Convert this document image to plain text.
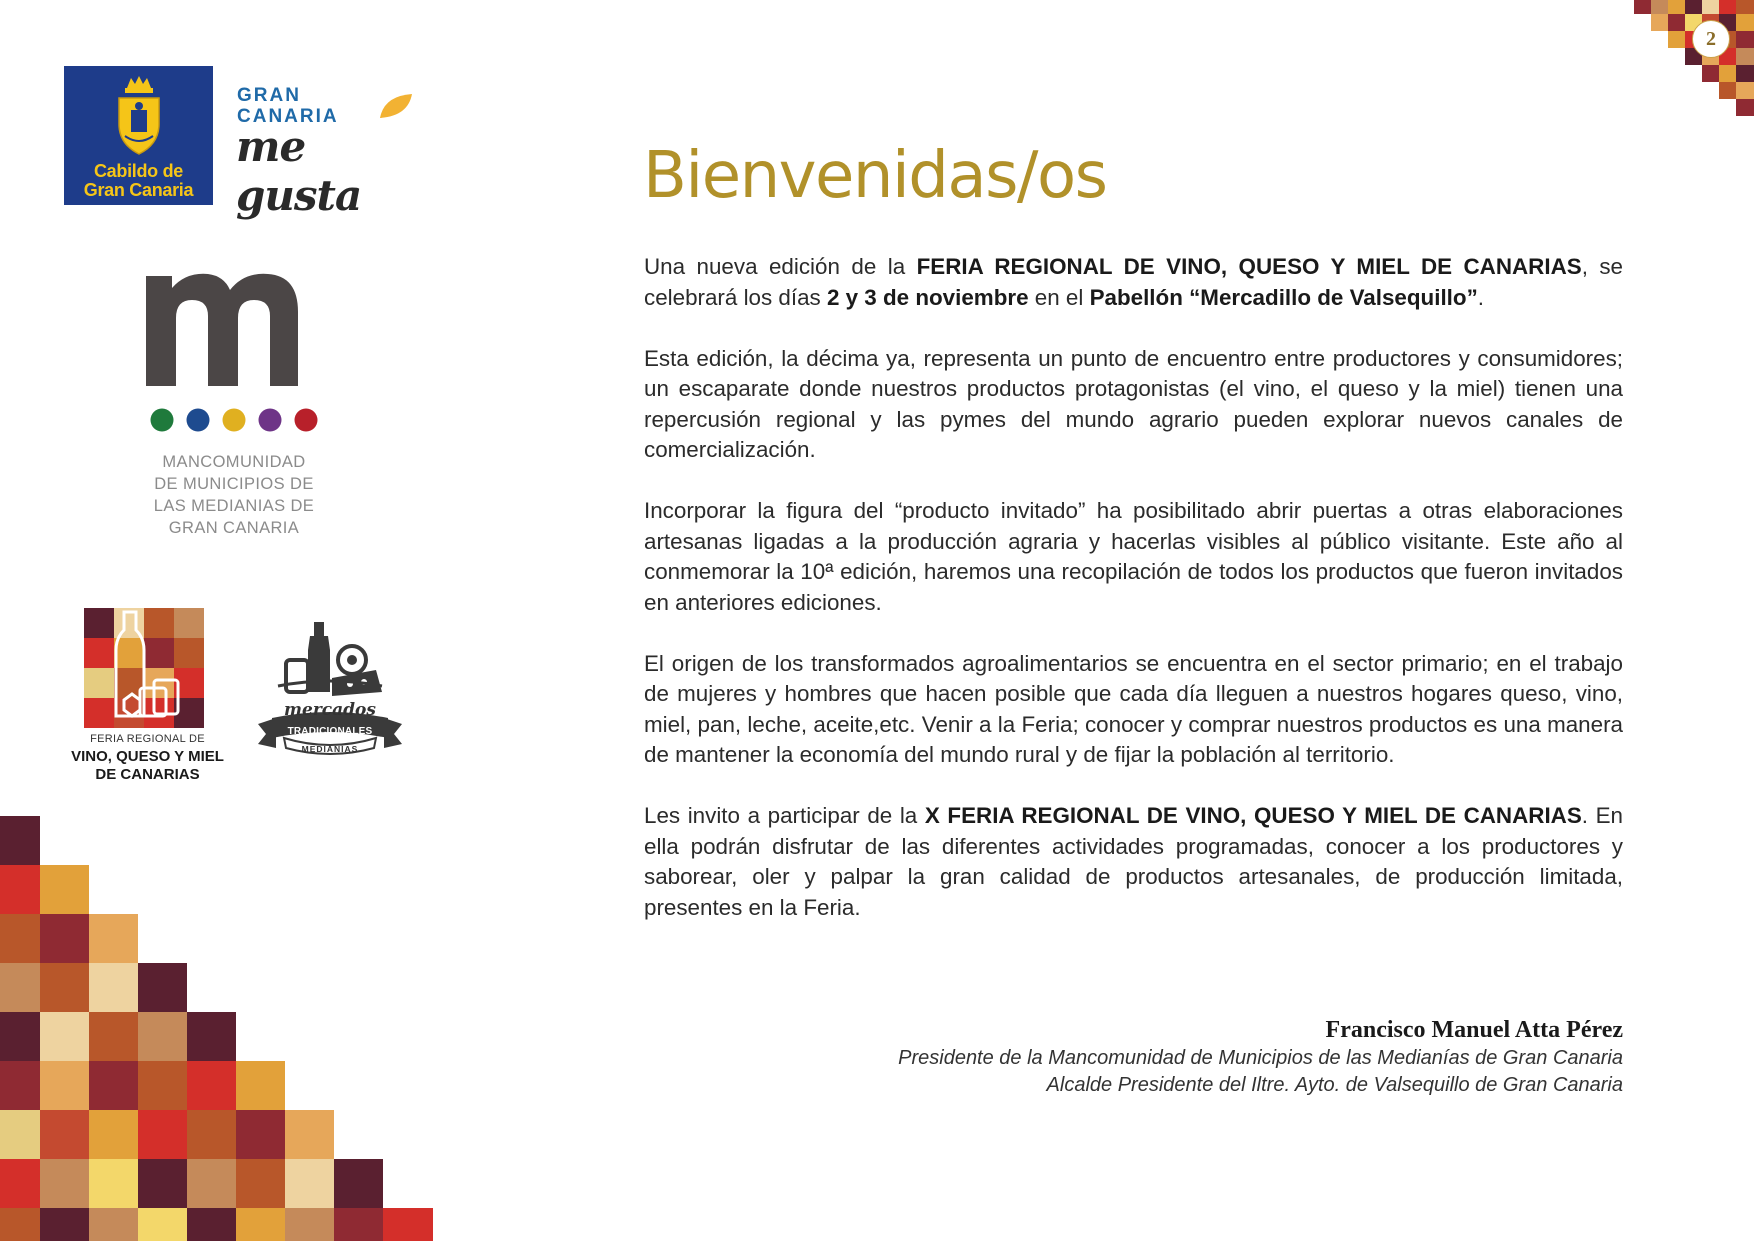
Cabildo de
Gran Canaria
GRAN
CANARIA
me gusta
MANCOMUNIDAD
DE MUNICIPIOS DE
LAS MEDIANIAS DE
GRAN CANARIA
FERIA REGIONAL DE
VINO, QUESO Y MIEL
DE CANARIAS
mercados
TRADICIONALES
MEDIANÍAS
2
Bienvenidas/os

Una nueva edición de la FERIA REGIONAL DE VINO, QUESO Y MIEL DE CANARIAS, se celebrará los días 2 y 3 de noviembre en el Pabellón “Mercadillo de Valsequillo”.

Esta edición, la décima ya, representa un punto de encuentro entre productores y consumidores; un escaparate donde nuestros productos protagonistas (el vino, el queso y la miel) tienen una repercusión regional y las pymes del mundo agrario pueden explorar nuevos canales de comercialización.

Incorporar la figura del “producto invitado” ha posibilitado abrir puertas a otras elaboraciones artesanas ligadas a la producción agraria y hacerlas visibles al público visitante. Este año al conmemorar la 10ª edición, haremos una recopilación de todos los productos que fueron invitados en anteriores ediciones.

El origen de los transformados agroalimentarios se encuentra en el sector primario; en el trabajo de mujeres y hombres que hacen posible que cada día lleguen a nuestros hogares queso, vino, miel, pan, leche, aceite,etc. Venir a la Feria; conocer y comprar nuestros productos es una manera de mantener la economía del mundo rural y de fijar la población al territorio.

Les invito a participar de la X FERIA REGIONAL DE VINO, QUESO Y MIEL DE CANARIAS. En ella podrán disfrutar de las diferentes actividades programadas, conocer a los productores y saborear, oler y palpar la gran calidad de productos artesanales, de producción limitada, presentes en la Feria.

Francisco Manuel Atta Pérez
Presidente de la Mancomunidad de Municipios de las Medianías de Gran Canaria
Alcalde Presidente del Iltre. Ayto. de Valsequillo de Gran Canaria
